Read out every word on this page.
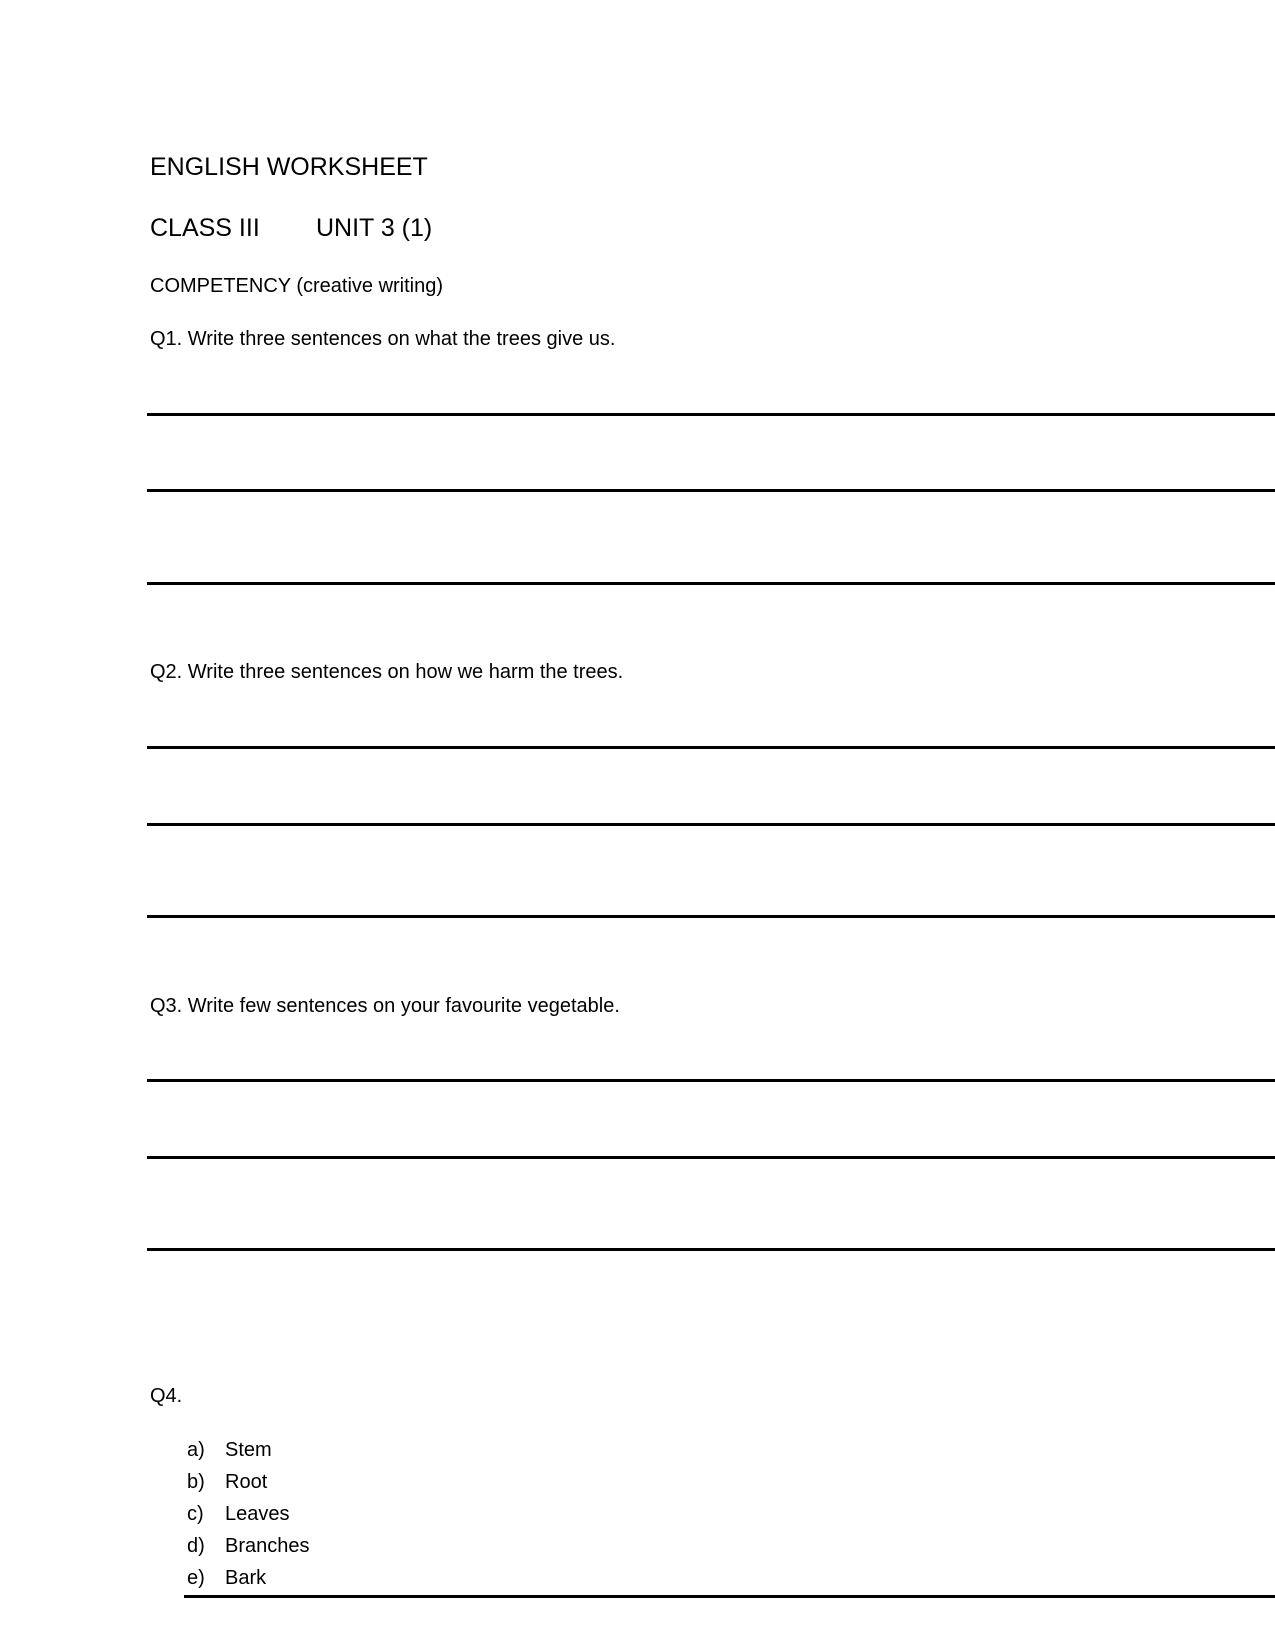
ENGLISH WORKSHEET
CLASS III UNIT 3 (1)
COMPETENCY (creative writing)
Q1. Write three sentences on what the trees give us.
Q2. Write three sentences on how we harm the trees.
Q3. Write few sentences on your favourite vegetable.
Q4.
a) Stem
b) Root
c) Leaves
d) Branches
e) Bark
